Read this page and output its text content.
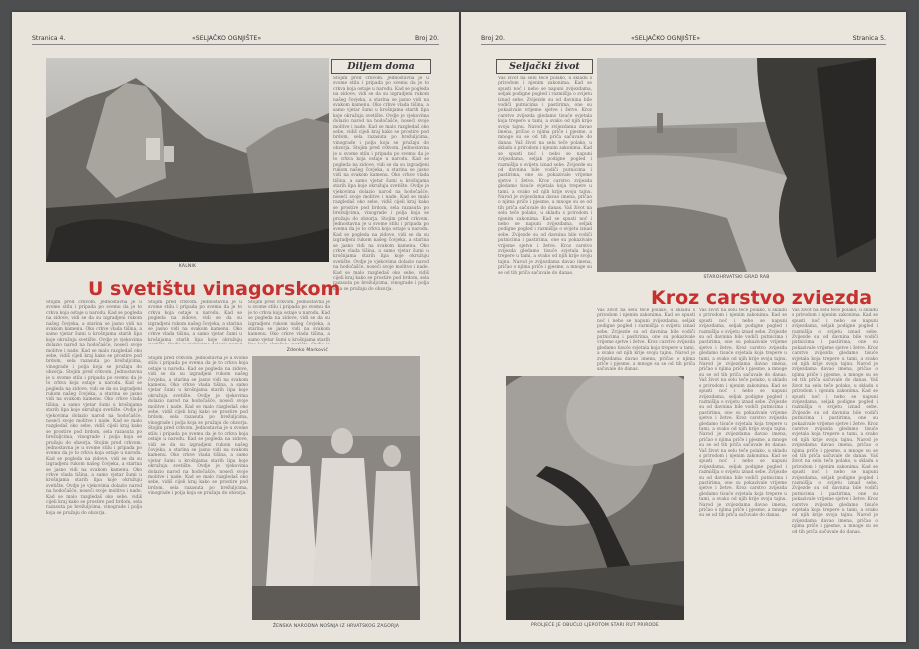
Stranica 4.	«SELJAČKO OGNJIŠTE»	Broj 20.
KALNIK
Diljem doma
Stojim pred crkvom. Jednostavna je u svome stilu i pripada po svemu da je to crkva koja ostaje u narodu. Kad se pogleda na zidove, vidi se da su izgradjeni rukom našeg čovjeka, a starina se jasno vidi na svakom kamenu. Oko crkve vlada tišina, a samo vjetar šumi u krošnjama starih lipa koje okružuju svetište. Ovdje je vjekovima dolazio narod na hodočašće, noseći svoje molitve i nade. Kad se malo razgledaš oko sebe, vidiš cijeli kraj kako se prostire pod brdom, sela razasuta po brežuljcima, vinograde i polja koja se pružaju do obzorja. Stojim pred crkvom. Jednostavna je u svome stilu i pripada po svemu da je to crkva koja ostaje u narodu. Kad se pogleda na zidove, vidi se da su izgradjeni rukom našeg čovjeka, a starina se jasno vidi na svakom kamenu. Oko crkve vlada tišina, a samo vjetar šumi u krošnjama starih lipa koje okružuju svetište. Ovdje je vjekovima dolazio narod na hodočašće, noseći svoje molitve i nade. Kad se malo razgledaš oko sebe, vidiš cijeli kraj kako se prostire pod brdom, sela razasuta po brežuljcima, vinograde i polja koja se pružaju do obzorja. Stojim pred crkvom. Jednostavna je u svome stilu i pripada po svemu da je to crkva koja ostaje u narodu. Kad se pogleda na zidove, vidi se da su izgradjeni rukom našeg čovjeka, a starina se jasno vidi na svakom kamenu. Oko crkve vlada tišina, a samo vjetar šumi u krošnjama starih lipa koje okružuju svetište. Ovdje je vjekovima dolazio narod na hodočašće, noseći svoje molitve i nade. Kad se malo razgledaš oko sebe, vidiš cijeli kraj kako se prostire pod brdom, sela razasuta po brežuljcima, vinograde i polja koja se pružaju do obzorja.
U svetištu vinagorskom
Stojim pred crkvom. Jednostavna je u svome stilu i pripada po svemu da je to crkva koja ostaje u narodu. Kad se pogleda na zidove, vidi se da su izgradjeni rukom našeg čovjeka, a starina se jasno vidi na svakom kamenu. Oko crkve vlada tišina, a samo vjetar šumi u krošnjama starih lipa koje okružuju svetište. Ovdje je vjekovima dolazio narod na hodočašće, noseći svoje molitve i nade. Kad se malo razgledaš oko sebe, vidiš cijeli kraj kako se prostire pod brdom, sela razasuta po brežuljcima, vinograde i polja koja se pružaju do obzorja. Stojim pred crkvom. Jednostavna je u svome stilu i pripada po svemu da je to crkva koja ostaje u narodu. Kad se pogleda na zidove, vidi se da su izgradjeni rukom našeg čovjeka, a starina se jasno vidi na svakom kamenu. Oko crkve vlada tišina, a samo vjetar šumi u krošnjama starih lipa koje okružuju svetište. Ovdje je vjekovima dolazio narod na hodočašće, noseći svoje molitve i nade. Kad se malo razgledaš oko sebe, vidiš cijeli kraj kako se prostire pod brdom, sela razasuta po brežuljcima, vinograde i polja koja se pružaju do obzorja. Stojim pred crkvom. Jednostavna je u svome stilu i pripada po svemu da je to crkva koja ostaje u narodu. Kad se pogleda na zidove, vidi se da su izgradjeni rukom našeg čovjeka, a starina se jasno vidi na svakom kamenu. Oko crkve vlada tišina, a samo vjetar šumi u krošnjama starih lipa koje okružuju svetište. Ovdje je vjekovima dolazio narod na hodočašće, noseći svoje molitve i nade. Kad se malo razgledaš oko sebe, vidiš cijeli kraj kako se prostire pod brdom, sela razasuta po brežuljcima, vinograde i polja koja se pružaju do obzorja.
Stojim pred crkvom. Jednostavna je u svome stilu i pripada po svemu da je to crkva koja ostaje u narodu. Kad se pogleda na zidove, vidi se da su izgradjeni rukom našeg čovjeka, a starina se jasno vidi na svakom kamenu. Oko crkve vlada tišina, a samo vjetar šumi u krošnjama starih lipa koje okružuju
Stojim pred crkvom. Jednostavna je u svome stilu i pripada po svemu da je to crkva koja ostaje u narodu. Kad se pogleda na zidove, vidi se da su izgradjeni rukom našeg čovjeka, a starina se jasno vidi na svakom kamenu. Oko crkve vlada tišina, a samo vjetar šumi u krošnjama starih
Zdenko Marković
Stojim pred crkvom. Jednostavna je u svome stilu i pripada po svemu da je to crkva koja ostaje u narodu. Kad se pogleda na zidove, vidi se da su izgradjeni rukom našeg čovjeka, a starina se jasno vidi na svakom kamenu. Oko crkve vlada tišina, a samo vjetar šumi u krošnjama starih lipa koje okružuju svetište. Ovdje je vjekovima dolazio narod na hodočašće, noseći svoje molitve i nade. Kad se malo razgledaš oko sebe, vidiš cijeli kraj kako se prostire pod brdom, sela razasuta po brežuljcima, vinograde i polja koja se pružaju do obzorja. Stojim pred crkvom. Jednostavna je u svome stilu i pripada po svemu da je to crkva koja ostaje u narodu. Kad se pogleda na zidove, vidi se da su izgradjeni rukom našeg čovjeka, a starina se jasno vidi na svakom kamenu. Oko crkve vlada tišina, a samo vjetar šumi u krošnjama starih lipa koje okružuju svetište. Ovdje je vjekovima dolazio narod na hodočašće, noseći svoje molitve i nade. Kad se malo razgledaš oko sebe, vidiš cijeli kraj kako se prostire pod brdom, sela razasuta po brežuljcima, vinograde i polja koja se pružaju do obzorja.
ŽENSKA NARODNA NOŠNJA IZ HRVATSKOG ZAGORJA
Broj 20.	«SELJAČKO OGNJIŠTE»	Stranica 5.
Seljački život
Vaš život na selu teče polako, u skladu s prirodom i njenim zakonima. Kad se spusti noć i nebo se napuni zvijezdama, seljak podigne pogled i razmišlja o svijetu iznad sebe. Zvijezde su od davnina bile vodiči putnicima i pastirima, one su pokazivale vrijeme sjetve i žetve. Kroz carstvo zvijezda gledamo tisuće svjetala koja trepere u tami, a svako od njih krije svoju tajnu. Narod je zvijezdama davao imena, pričao o njima priče i pjesme, a mnoge su se od tih priča sačuvale do danas. Vaš život na selu teče polako, u skladu s prirodom i njenim zakonima. Kad se spusti noć i nebo se napuni zvijezdama, seljak podigne pogled i razmišlja o svijetu iznad sebe. Zvijezde su od davnina bile vodiči putnicima i pastirima, one su pokazivale vrijeme sjetve i žetve. Kroz carstvo zvijezda gledamo tisuće svjetala koja trepere u tami, a svako od njih krije svoju tajnu. Narod je zvijezdama davao imena, pričao o njima priče i pjesme, a mnoge su se od tih priča sačuvale do danas. Vaš život na selu teče polako, u skladu s prirodom i njenim zakonima. Kad se spusti noć i nebo se napuni zvijezdama, seljak podigne pogled i razmišlja o svijetu iznad sebe. Zvijezde su od davnina bile vodiči putnicima i pastirima, one su pokazivale vrijeme sjetve i žetve. Kroz carstvo zvijezda gledamo tisuće svjetala koja trepere u tami, a svako od njih krije svoju tajnu. Narod je zvijezdama davao imena, pričao o njima priče i pjesme, a mnoge su se od tih priča sačuvale do danas.
STAROHRVATSKI GRAD RAB
Kroz carstvo zviezda
Vaš život na selu teče polako, u skladu s prirodom i njenim zakonima. Kad se spusti noć i nebo se napuni zvijezdama, seljak podigne pogled i razmišlja o svijetu iznad sebe. Zvijezde su od davnina bile vodiči putnicima i pastirima, one su pokazivale vrijeme sjetve i žetve. Kroz carstvo zvijezda gledamo tisuće svjetala koja trepere u tami, a svako od njih krije svoju tajnu. Narod je zvijezdama davao imena, pričao o njima priče i pjesme, a mnoge su se od tih priča sačuvale do danas.
Vaš život na selu teče polako, u skladu s prirodom i njenim zakonima. Kad se spusti noć i nebo se napuni zvijezdama, seljak podigne pogled i razmišlja o svijetu iznad sebe. Zvijezde su od davnina bile vodiči putnicima i pastirima, one su pokazivale vrijeme sjetve i žetve. Kroz carstvo zvijezda gledamo tisuće svjetala koja trepere u tami, a svako od njih krije svoju tajnu. Narod je zvijezdama davao imena, pričao o njima priče i pjesme, a mnoge su se od tih priča sačuvale do danas. Vaš život na selu teče polako, u skladu s prirodom i njenim zakonima. Kad se spusti noć i nebo se napuni zvijezdama, seljak podigne pogled i razmišlja o svijetu iznad sebe. Zvijezde su od davnina bile vodiči putnicima i pastirima, one su pokazivale vrijeme sjetve i žetve. Kroz carstvo zvijezda gledamo tisuće svjetala koja trepere u tami, a svako od njih krije svoju tajnu. Narod je zvijezdama davao imena, pričao o njima priče i pjesme, a mnoge su se od tih priča sačuvale do danas. Vaš život na selu teče polako, u skladu s prirodom i njenim zakonima. Kad se spusti noć i nebo se napuni zvijezdama, seljak podigne pogled i razmišlja o svijetu iznad sebe. Zvijezde su od davnina bile vodiči putnicima i pastirima, one su pokazivale vrijeme sjetve i žetve. Kroz carstvo zvijezda gledamo tisuće svjetala koja trepere u tami, a svako od njih krije svoju tajnu. Narod je zvijezdama davao imena, pričao o njima priče i pjesme, a mnoge su se od tih priča sačuvale do danas.
Vaš život na selu teče polako, u skladu s prirodom i njenim zakonima. Kad se spusti noć i nebo se napuni zvijezdama, seljak podigne pogled i razmišlja o svijetu iznad sebe. Zvijezde su od davnina bile vodiči putnicima i pastirima, one su pokazivale vrijeme sjetve i žetve. Kroz carstvo zvijezda gledamo tisuće svjetala koja trepere u tami, a svako od njih krije svoju tajnu. Narod je zvijezdama davao imena, pričao o njima priče i pjesme, a mnoge su se od tih priča sačuvale do danas. Vaš život na selu teče polako, u skladu s prirodom i njenim zakonima. Kad se spusti noć i nebo se napuni zvijezdama, seljak podigne pogled i razmišlja o svijetu iznad sebe. Zvijezde su od davnina bile vodiči putnicima i pastirima, one su pokazivale vrijeme sjetve i žetve. Kroz carstvo zvijezda gledamo tisuće svjetala koja trepere u tami, a svako od njih krije svoju tajnu. Narod je zvijezdama davao imena, pričao o njima priče i pjesme, a mnoge su se od tih priča sačuvale do danas. Vaš život na selu teče polako, u skladu s prirodom i njenim zakonima. Kad se spusti noć i nebo se napuni zvijezdama, seljak podigne pogled i razmišlja o svijetu iznad sebe. Zvijezde su od davnina bile vodiči putnicima i pastirima, one su pokazivale vrijeme sjetve i žetve. Kroz carstvo zvijezda gledamo tisuće svjetala koja trepere u tami, a svako od njih krije svoju tajnu. Narod je zvijezdama davao imena, pričao o njima priče i pjesme, a mnoge su se od tih priča sačuvale do danas.
PROLJEĆE JE OBUČLO LJEPOTOM STARI RUT PRIRODE
